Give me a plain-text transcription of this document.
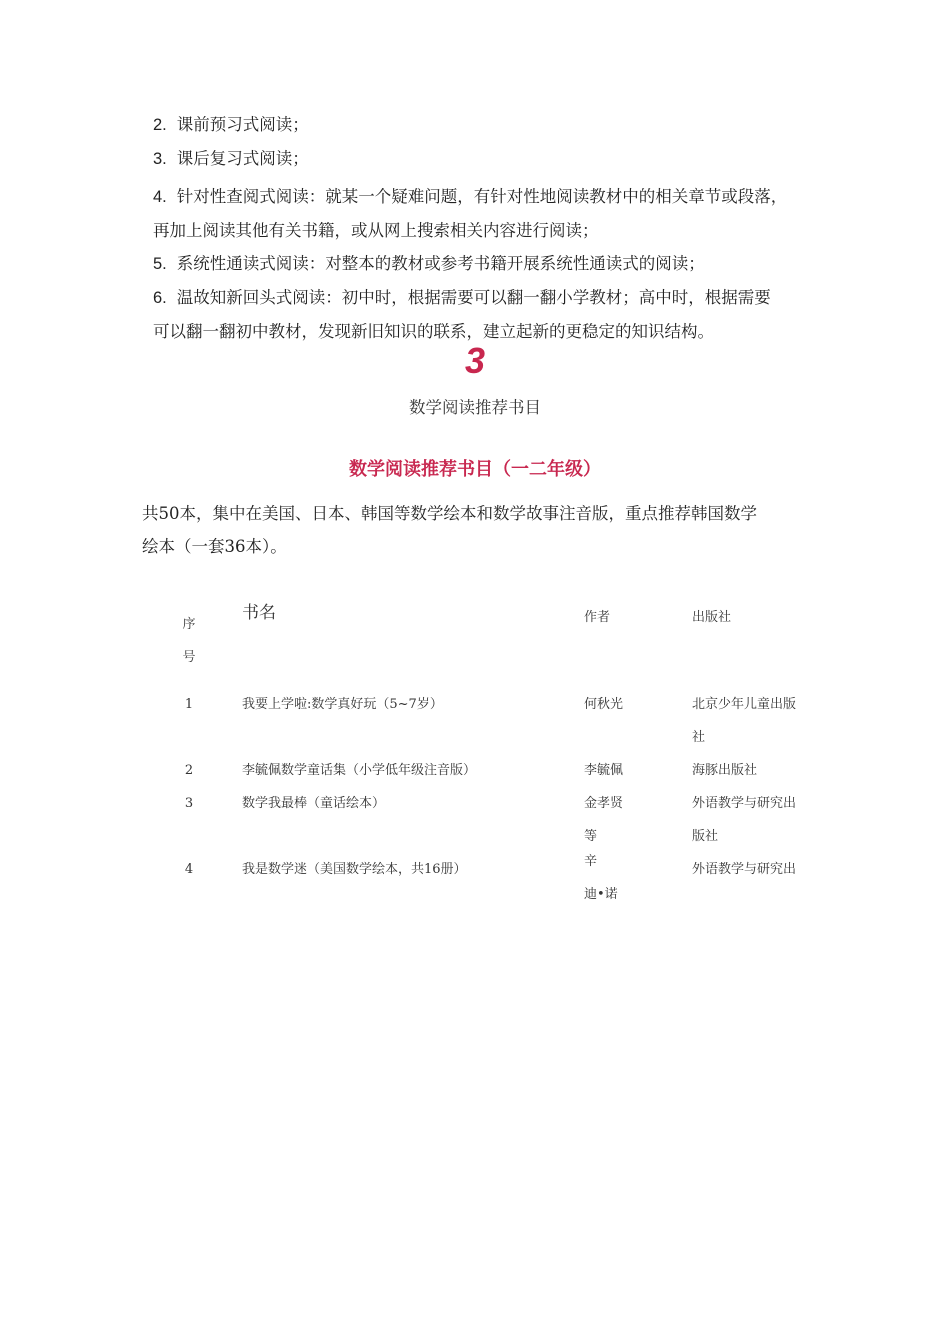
2. 课前预习式阅读；
3. 课后复习式阅读；
4. 针对性查阅式阅读：就某一个疑难问题，有针对性地阅读教材中的相关章节或段落，
再加上阅读其他有关书籍，或从网上搜索相关内容进行阅读；
5. 系统性通读式阅读：对整本的教材或参考书籍开展系统性通读式的阅读；
6. 温故知新回头式阅读：初中时，根据需要可以翻一翻小学教材；高中时，根据需要
可以翻一翻初中教材，发现新旧知识的联系，建立起新的更稳定的知识结构。
3
数学阅读推荐书目
数学阅读推荐书目（一二年级）
共50本，集中在美国、日本、韩国等数学绘本和数学故事注音版，重点推荐韩国数学
绘本（一套36本）。
序
号	书名	作者	出版社

1	我要上学啦:数学真好玩（5~7岁）	何秋光	北京少年儿童出版
社

2	李毓佩数学童话集（小学低年级注音版）	李毓佩	海豚出版社

3	数学我最棒（童话绘本）	金孝贤
等	外语教学与研究出
版社

4	我是数学迷（美国数学绘本，共16册）	辛
迪•诺	外语教学与研究出
